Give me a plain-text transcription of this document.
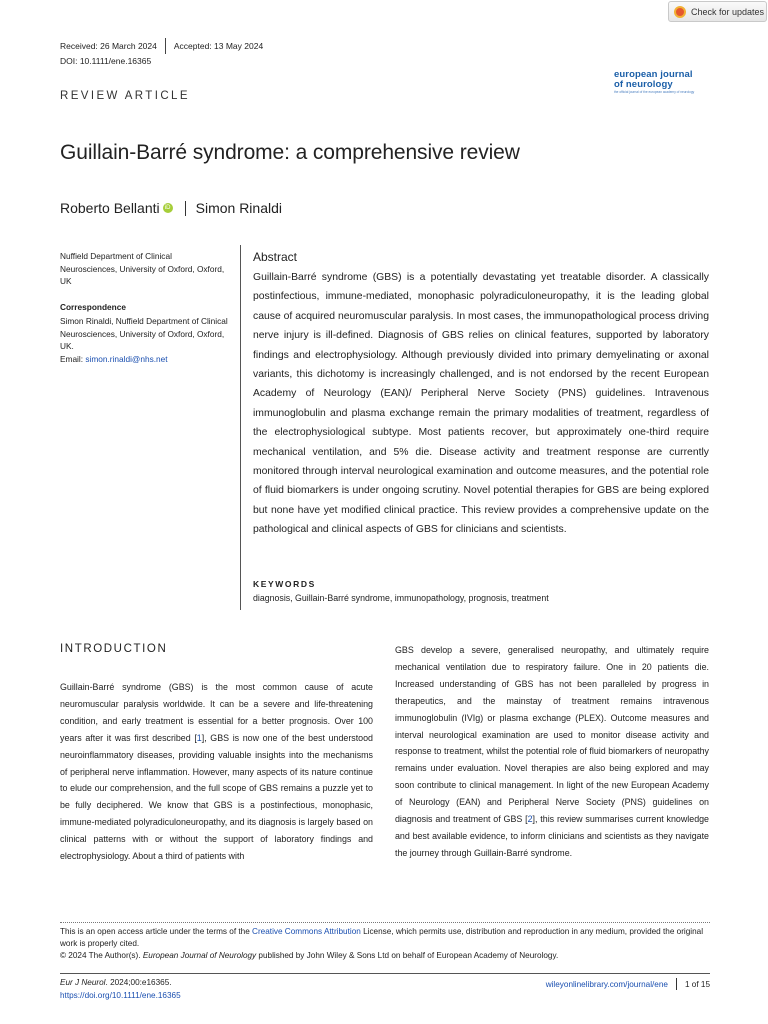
Check for updates
Received: 26 March 2024 Accepted: 13 May 2024
DOI: 10.1111/ene.16365
european journal
of neurology
the official journal of the european academy of neurology
REVIEW ARTICLE
Guillain-Barré syndrome: a comprehensive review
Roberto Bellanti iD Simon Rinaldi
Nuffield Department of Clinical Neurosciences, University of Oxford, Oxford, UK
Correspondence
Simon Rinaldi, Nuffield Department of Clinical Neurosciences, University of Oxford, Oxford, UK.
Email: simon.rinaldi@nhs.net
Abstract
Guillain-Barré syndrome (GBS) is a potentially devastating yet treatable disorder. A classically postinfectious, immune-mediated, monophasic polyradiculoneuropathy, it is the leading global cause of acquired neuromuscular paralysis. In most cases, the immunopathological process driving nerve injury is ill-defined. Diagnosis of GBS relies on clinical features, supported by laboratory findings and electrophysiology. Although previously divided into primary demyelinating or axonal variants, this dichotomy is increasingly challenged, and is not endorsed by the recent European Academy of Neurology (EAN)/ Peripheral Nerve Society (PNS) guidelines. Intravenous immunoglobulin and plasma exchange remain the primary modalities of treatment, regardless of the electrophysiological subtype. Most patients recover, but approximately one-third require mechanical ventilation, and 5% die. Disease activity and treatment response are currently monitored through interval neurological examination and outcome measures, and the potential role of fluid biomarkers is under ongoing scrutiny. Novel potential therapies for GBS are being explored but none have yet modified clinical practice. This review provides a comprehensive update on the pathological and clinical aspects of GBS for clinicians and scientists.
KEYWORDS
diagnosis, Guillain-Barré syndrome, immunopathology, prognosis, treatment
INTRODUCTION
Guillain-Barré syndrome (GBS) is the most common cause of acute neuromuscular paralysis worldwide. It can be a severe and life-threatening condition, and early treatment is essential for a better prognosis. Over 100 years after it was first described [1], GBS is now one of the best understood neuroinflammatory diseases, providing valuable insights into the mechanisms of peripheral nerve inflammation. However, many aspects of its nature continue to elude our comprehension, and the full scope of GBS remains a puzzle yet to be fully deciphered. We know that GBS is a postinfectious, monophasic, immune-mediated polyradiculoneuropathy, and its diagnosis is largely based on clinical patterns with or without the support of laboratory findings and electrophysiology. About a third of patients with
GBS develop a severe, generalised neuropathy, and ultimately require mechanical ventilation due to respiratory failure. One in 20 patients die. Increased understanding of GBS has not been paralleled by progress in therapeutics, and the mainstay of treatment remains intravenous immunoglobulin (IVIg) or plasma exchange (PLEX). Outcome measures and interval neurological examination are used to monitor disease activity and response to treatment, whilst the potential role of fluid biomarkers of neuropathy remains under evaluation. Novel therapies are also being explored and may soon contribute to clinical management. In light of the new European Academy of Neurology (EAN) and Peripheral Nerve Society (PNS) guidelines on diagnosis and treatment of GBS [2], this review summarises current knowledge and best available evidence, to inform clinicians and scientists as they navigate the journey through Guillain-Barré syndrome.
This is an open access article under the terms of the Creative Commons Attribution License, which permits use, distribution and reproduction in any medium, provided the original work is properly cited.
© 2024 The Author(s). European Journal of Neurology published by John Wiley & Sons Ltd on behalf of European Academy of Neurology.
Eur J Neurol. 2024;00:e16365.
https://doi.org/10.1111/ene.16365
wileyonlinelibrary.com/journal/ene 1 of 15
